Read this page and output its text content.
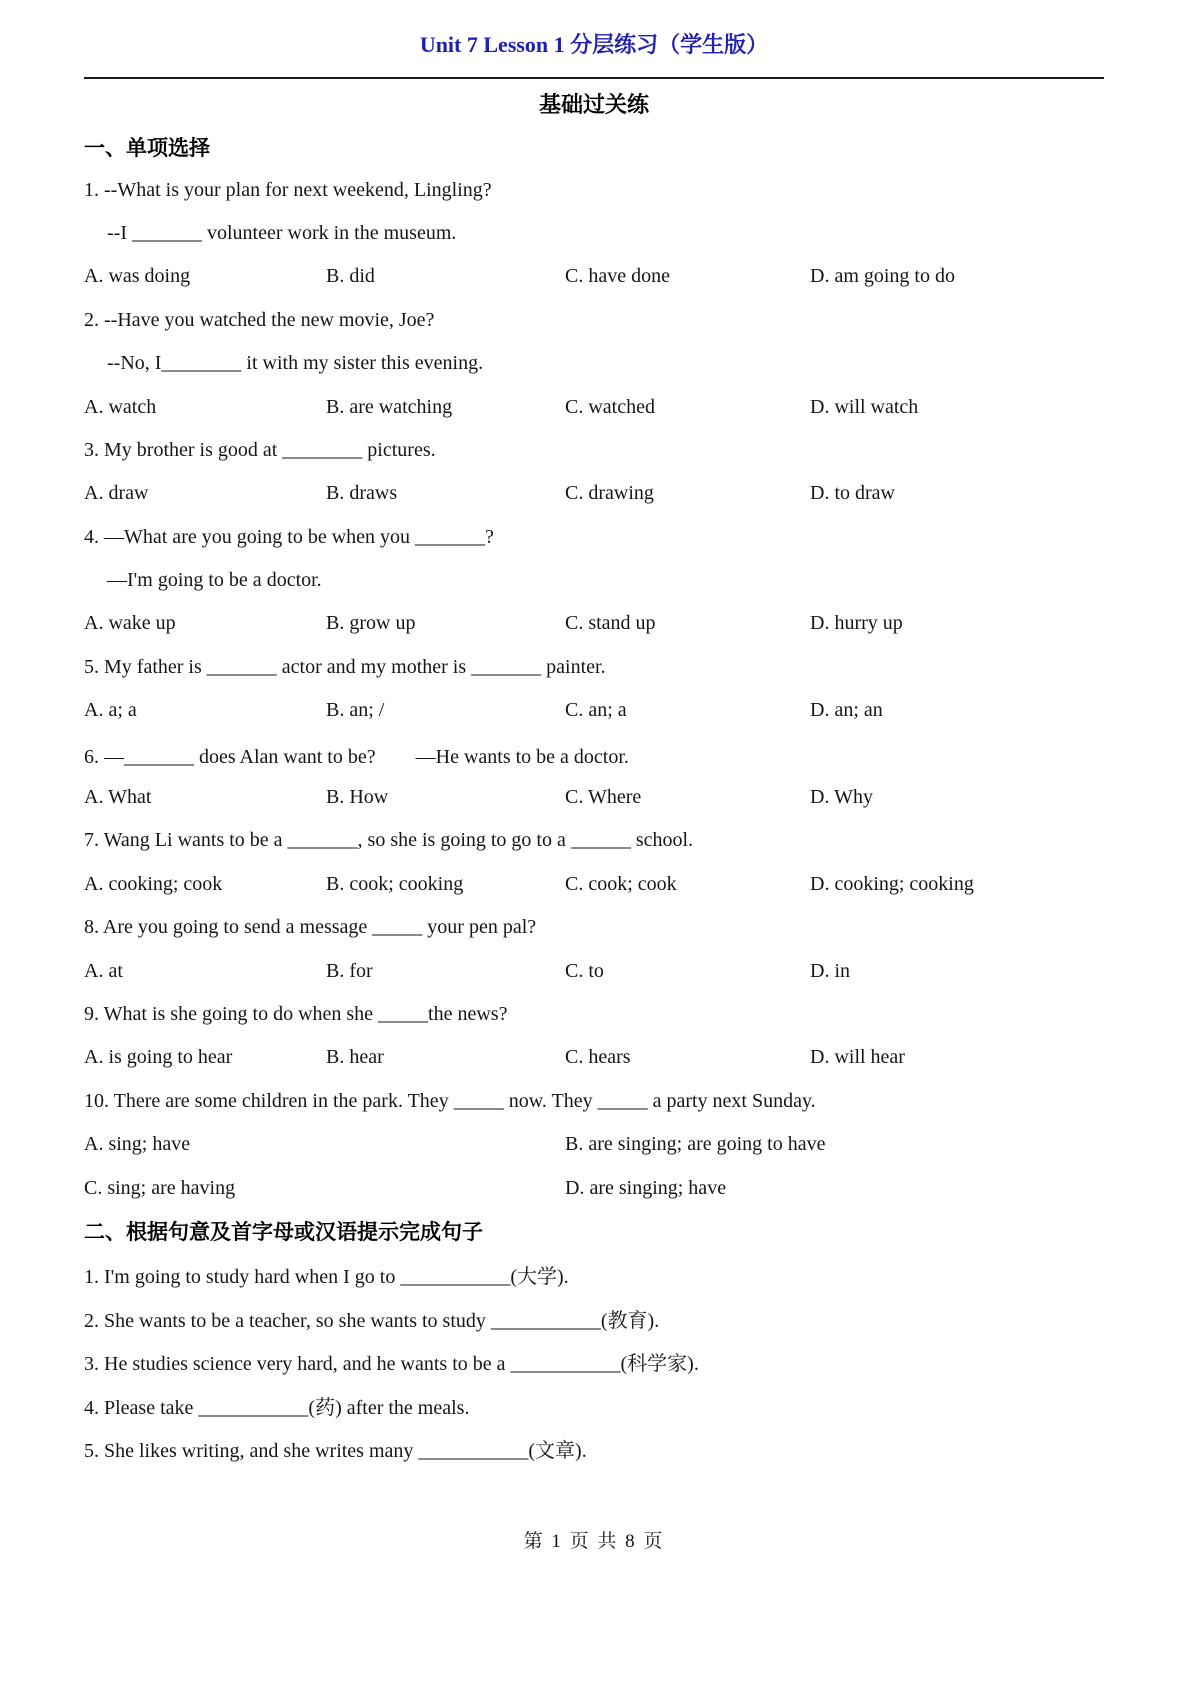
Unit 7 Lesson 1 分层练习（学生版）
基础过关练
一、单项选择
1. --What is your plan for next weekend, Lingling?
--I _______ volunteer work in the museum.
A. was doing	B. did	C. have done	D. am going to do
2. --Have you watched the new movie, Joe?
--No, I________ it with my sister this evening.
A. watch	B. are watching	C. watched	D. will watch
3. My brother is good at ________ pictures.
A. draw	B. draws	C. drawing	D. to draw
4. —What are you going to be when you _______?
—I'm going to be a doctor.
A. wake up	B. grow up	C. stand up	D. hurry up
5. My father is _______ actor and my mother is _______ painter.
A. a; a	B. an; /	C. an; a	D. an; an
6. —_______ does Alan want to be?　　—He wants to be a doctor.
A. What	B. How	C. Where	D. Why
7. Wang Li wants to be a _______, so she is going to go to a ______ school.
A. cooking; cook	B. cook; cooking	C. cook; cook	D. cooking; cooking
8. Are you going to send a message _____ your pen pal?
A. at	B. for	C. to	D. in
9. What is she going to do when she _____the news?
A. is going to hear	B. hear	C. hears	D. will hear
10. There are some children in the park. They _____ now. They _____ a party next Sunday.
A. sing; have	B. are singing; are going to have
C. sing; are having	D. are singing; have
二、根据句意及首字母或汉语提示完成句子
1. I'm going to study hard when I go to ___________(大学).
2. She wants to be a teacher, so she wants to study ___________(教育).
3. He studies science very hard, and he wants to be a ___________(科学家).
4. Please take ___________(药) after the meals.
5. She likes writing, and she writes many ___________(文章).
第 1 页 共 8 页
